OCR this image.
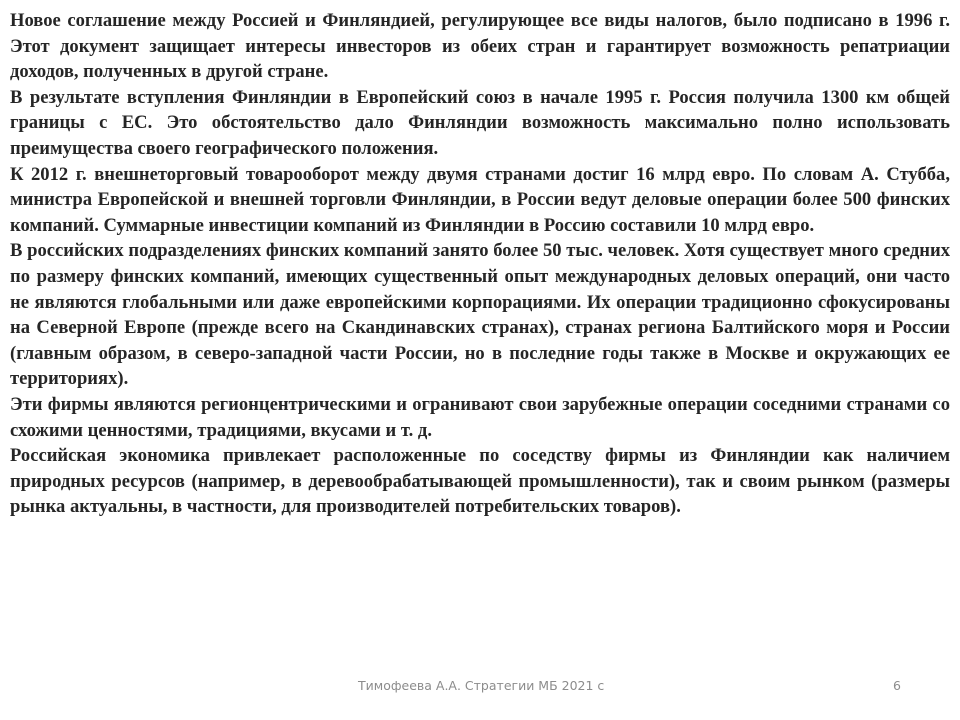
Новое соглашение между Россией и Финляндией, регулирующее все виды налогов, было подписано в 1996 г. Этот документ защищает интересы инвесторов из обеих стран и гарантирует возможность репатриации доходов, полученных в другой стране.

В результате вступления Финляндии в Европейский союз в начале 1995 г. Россия получила 1300 км общей границы с ЕС. Это обстоятельство дало Финляндии возможность максимально полно использовать преимущества своего географического положения.

К 2012 г. внешнеторговый товарооборот между двумя странами достиг 16 млрд евро. По словам А. Стубба, министра Европейской и внешней торговли Финляндии, в России ведут деловые операции более 500 финских компаний. Суммарные инвестиции компаний из Финляндии в Россию составили 10 млрд евро.

В российских подразделениях финских компаний занято более 50 тыс. человек. Хотя существует много средних по размеру финских компаний, имеющих существенный опыт международных деловых операций, они часто не являются глобальными или даже европейскими корпорациями. Их операции традиционно сфокусированы на Северной Европе (прежде всего на Скандинавских странах), странах региона Балтийского моря и России (главным образом, в северо-западной части России, но в последние годы также в Москве и окружающих ее территориях).

Эти фирмы являются регионцентрическими и огранивают свои зарубежные операции соседними странами со схожими ценностями, традициями, вкусами и т. д.

Российская экономика привлекает расположенные по соседству фирмы из Финляндии как наличием природных ресурсов (например, в деревообрабатывающей промышленности), так и своим рынком (размеры рынка актуальны, в частности, для производителей потребительских товаров).

Тимофеева А.А. Стратегии МБ 2021 с	6
